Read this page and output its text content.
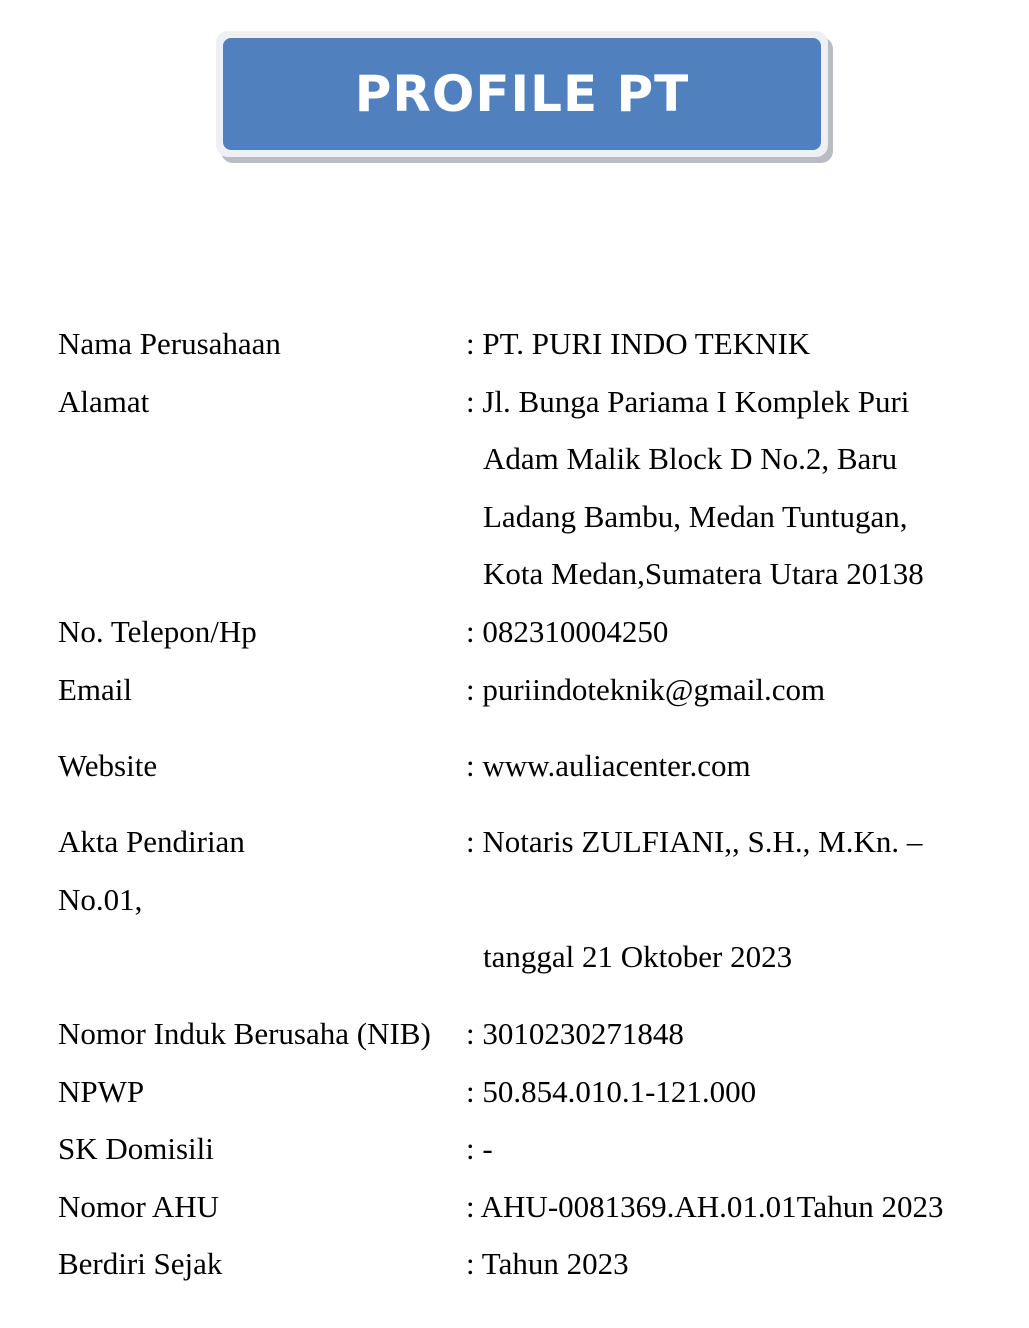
PROFILE PT
Nama Perusahaan	: PT. PURI INDO TEKNIK
Alamat	: Jl. Bunga Pariama I Komplek Puri
Adam Malik Block D No.2, Baru
Ladang Bambu, Medan Tuntugan,
Kota Medan,Sumatera Utara 20138
No. Telepon/Hp	: 082310004250
Email	: puriindoteknik@gmail.com
Website	: www.auliacenter.com
Akta Pendirian	: Notaris ZULFIANI,, S.H., M.Kn. –
No.01,
tanggal 21 Oktober 2023
Nomor Induk Berusaha (NIB) : 3010230271848
NPWP	: 50.854.010.1-121.000
SK Domisili	: -
Nomor AHU	: AHU-0081369.AH.01.01Tahun 2023
Berdiri Sejak	: Tahun 2023
